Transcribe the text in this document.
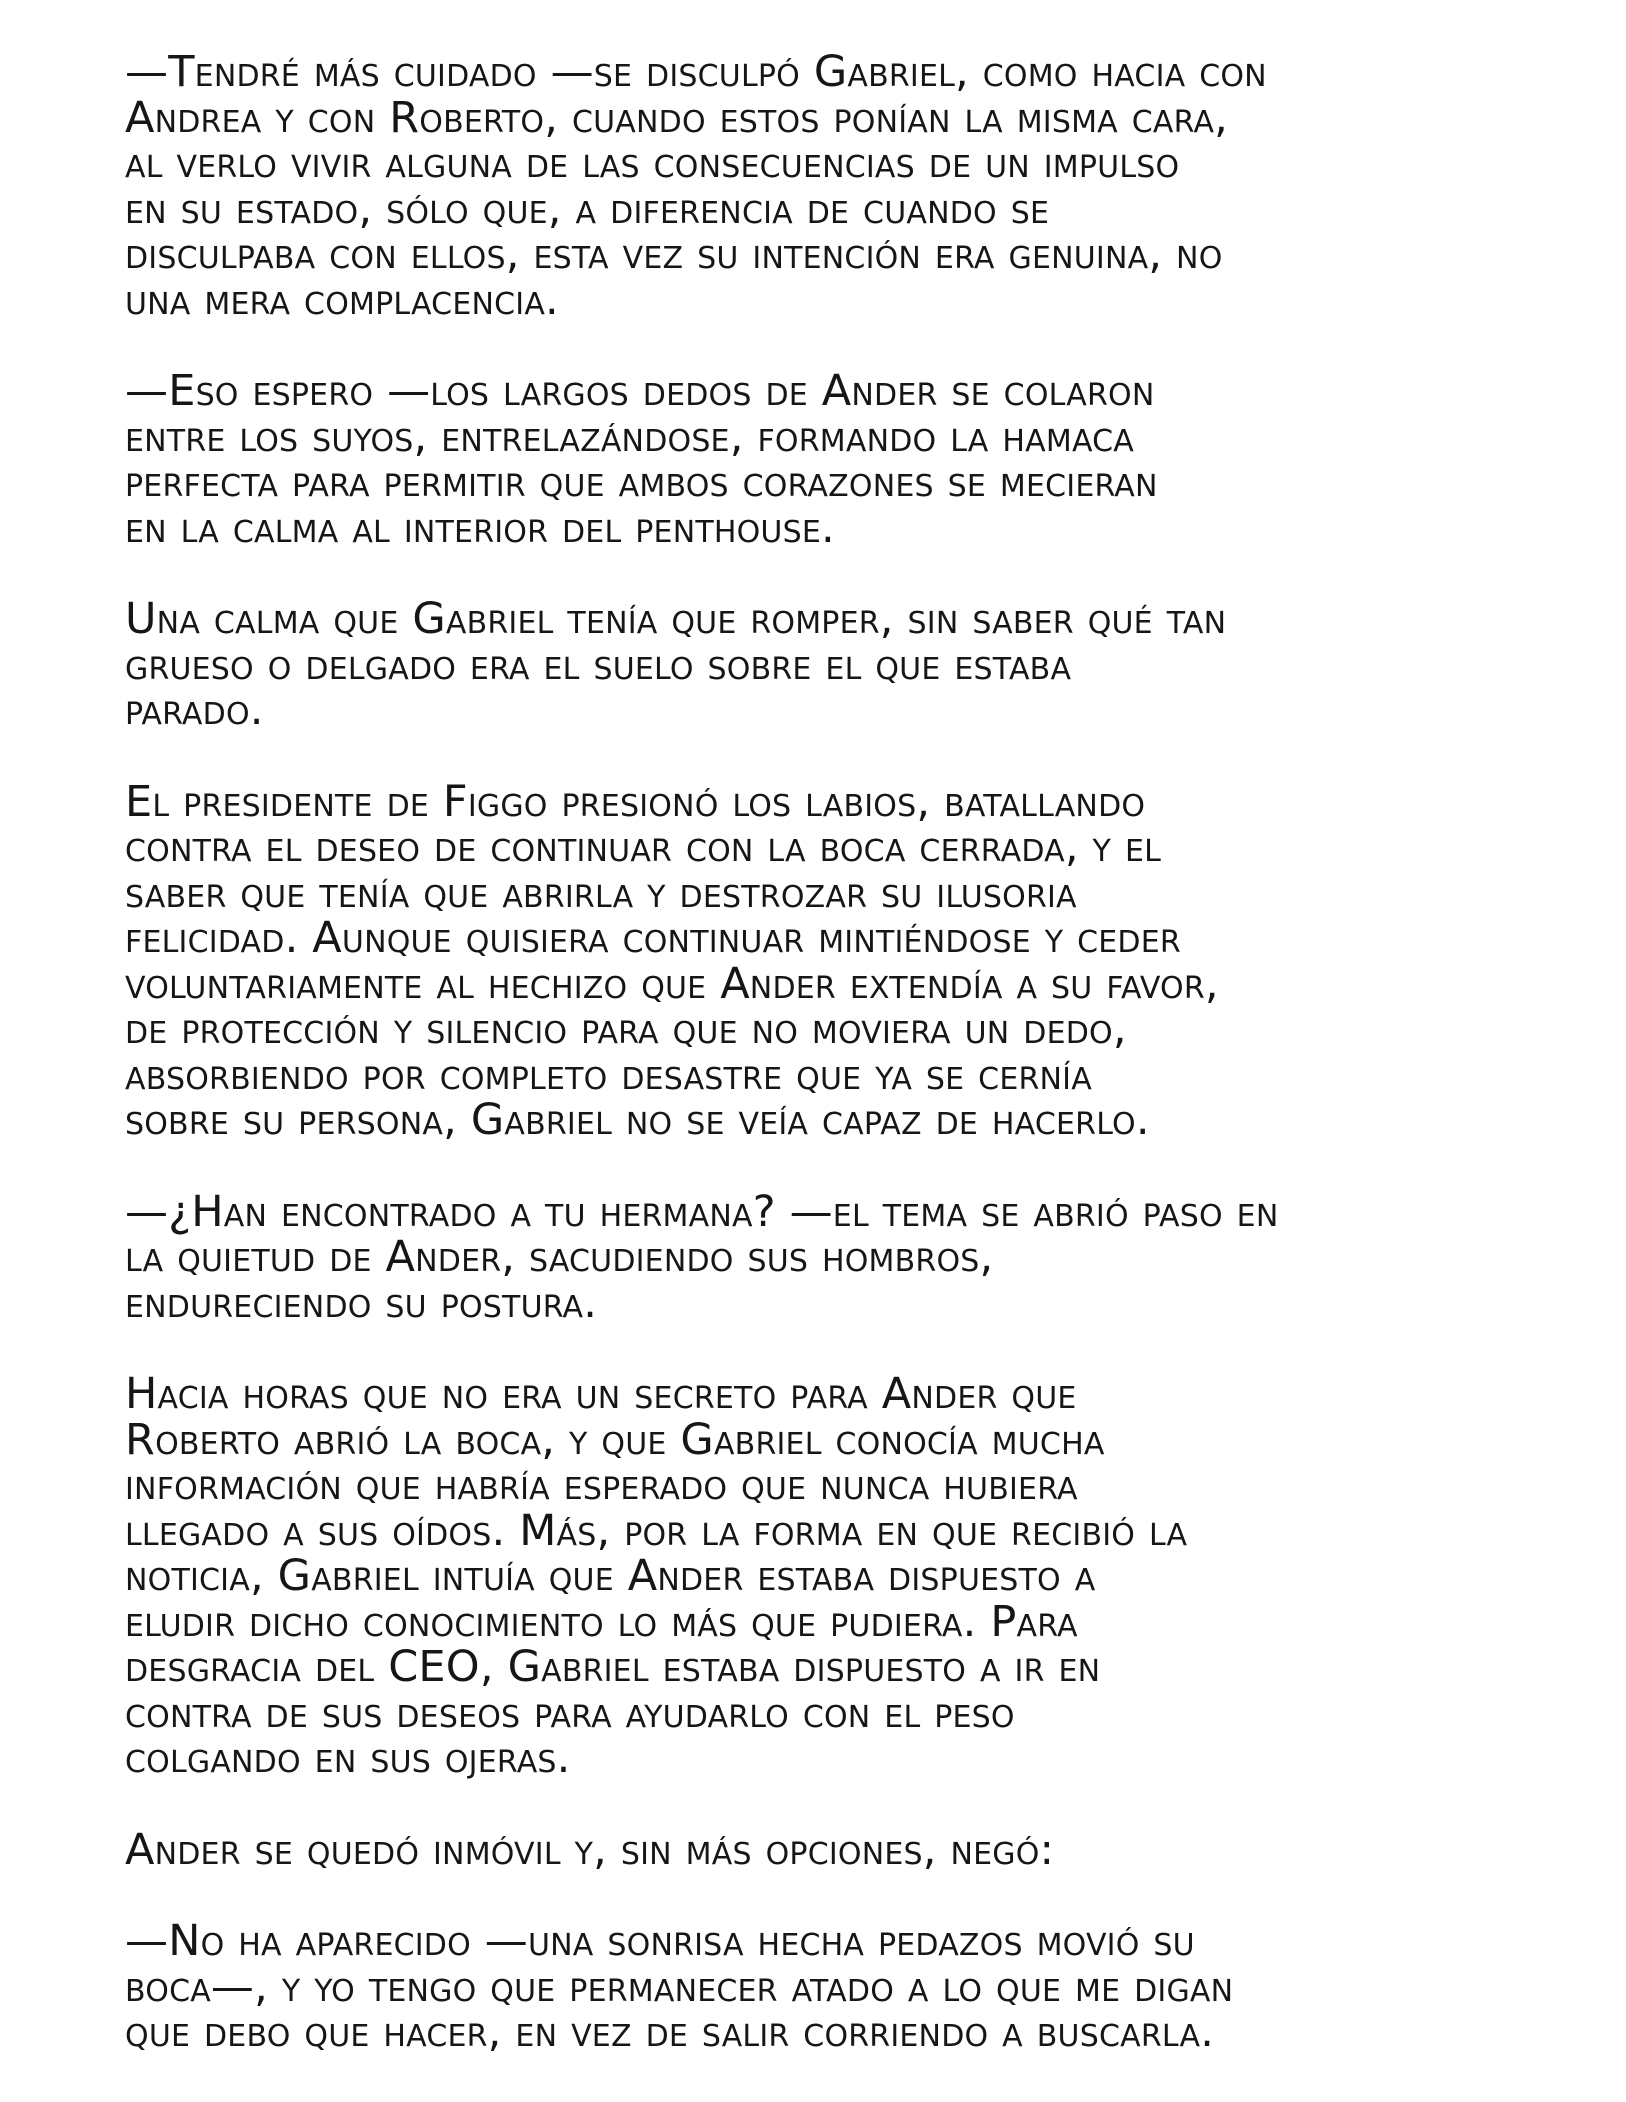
—Tendré más cuidado —se disculpó Gabriel, como hacia con
Andrea y con Roberto, cuando estos ponían la misma cara,
al verlo vivir alguna de las consecuencias de un impulso
en su estado, sólo que, a diferencia de cuando se
disculpaba con ellos, esta vez su intención era genuina, no
una mera complacencia.

—Eso espero —los largos dedos de Ander se colaron
entre los suyos, entrelazándose, formando la hamaca
perfecta para permitir que ambos corazones se mecieran
en la calma al interior del penthouse.

Una calma que Gabriel tenía que romper, sin saber qué tan
grueso o delgado era el suelo sobre el que estaba
parado.

El presidente de Figgo presionó los labios, batallando
contra el deseo de continuar con la boca cerrada, y el
saber que tenía que abrirla y destrozar su ilusoria
felicidad. Aunque quisiera continuar mintiéndose y ceder
voluntariamente al hechizo que Ander extendía a su favor,
de protección y silencio para que no moviera un dedo,
absorbiendo por completo desastre que ya se cernía
sobre su persona, Gabriel no se veía capaz de hacerlo.

—¿Han encontrado a tu hermana? —el tema se abrió paso en
la quietud de Ander, sacudiendo sus hombros,
endureciendo su postura.

Hacia horas que no era un secreto para Ander que
Roberto abrió la boca, y que Gabriel conocía mucha
información que habría esperado que nunca hubiera
llegado a sus oídos. Más, por la forma en que recibió la
noticia, Gabriel intuía que Ander estaba dispuesto a
eludir dicho conocimiento lo más que pudiera. Para
desgracia del CEO, Gabriel estaba dispuesto a ir en
contra de sus deseos para ayudarlo con el peso
colgando en sus ojeras.

Ander se quedó inmóvil y, sin más opciones, negó:

—No ha aparecido —una sonrisa hecha pedazos movió su
boca—, y yo tengo que permanecer atado a lo que me digan
que debo que hacer, en vez de salir corriendo a buscarla.
